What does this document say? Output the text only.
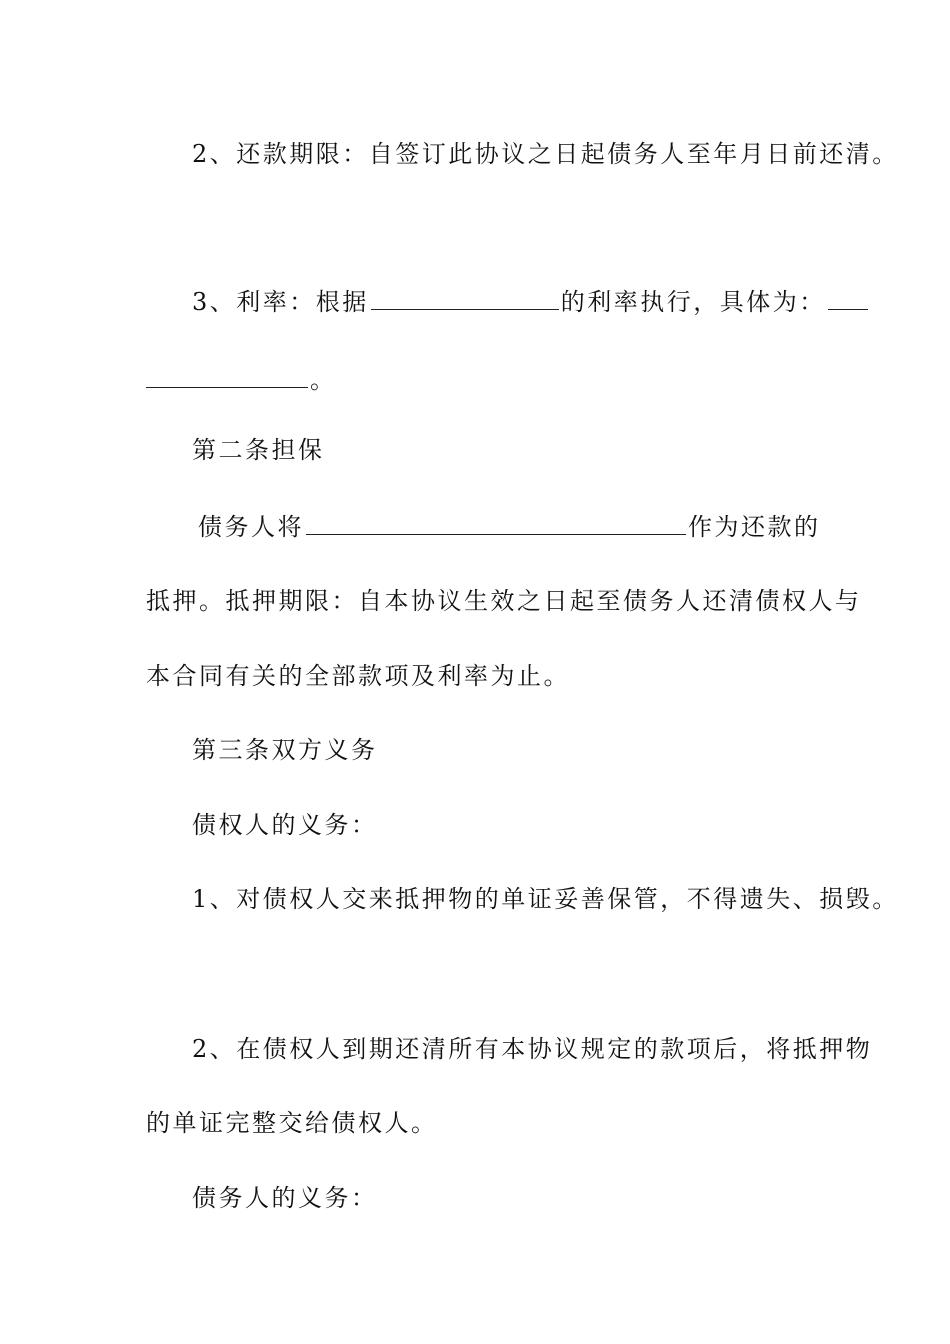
2、还款期限：自签订此协议之日起债务人至年月日前还清。
3、利率：根据	的利率执行，具体为：
。
第二条担保
债务人将	作为还款的
抵押。抵押期限：自本协议生效之日起至债务人还清债权人与
本合同有关的全部款项及利率为止。
第三条双方义务
债权人的义务：
1、对债权人交来抵押物的单证妥善保管，不得遗失、损毁。
2、在债权人到期还清所有本协议规定的款项后，将抵押物
的单证完整交给债权人。
债务人的义务：
